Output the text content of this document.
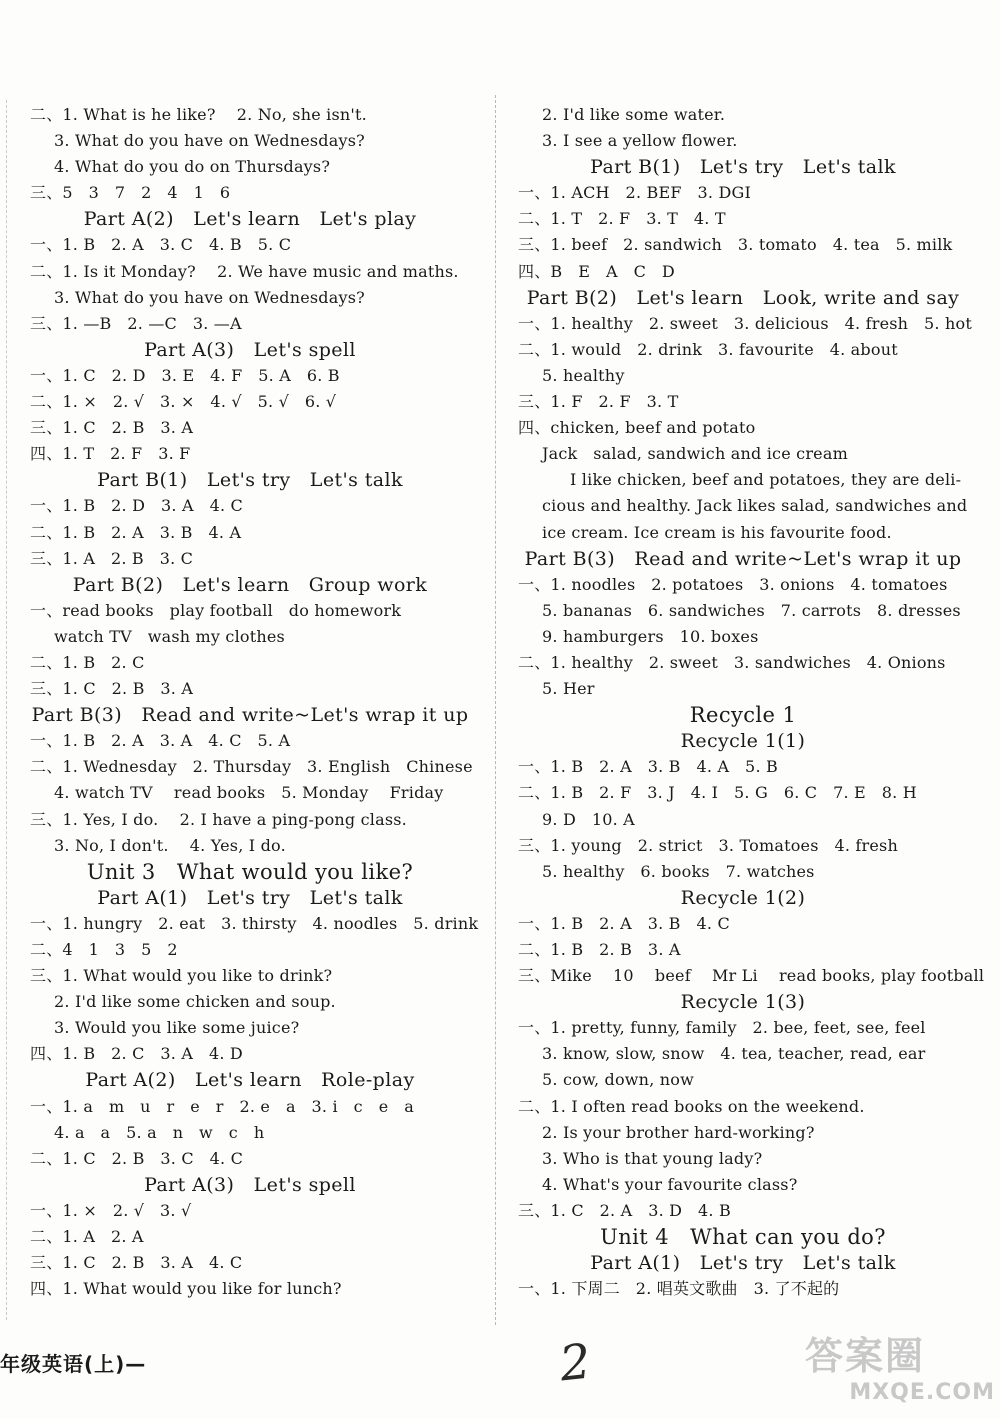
二、1. What is he like?    2. No, she isn't.
3. What do you have on Wednesdays?
4. What do you do on Thursdays?
三、5   3   7   2   4   1   6
Part A(2)   Let's learn   Let's play
一、1. B   2. A   3. C   4. B   5. C
二、1. Is it Monday?    2. We have music and maths.
3. What do you have on Wednesdays?
三、1. —B   2. —C   3. —A
Part A(3)   Let's spell
一、1. C   2. D   3. E   4. F   5. A   6. B
二、1. ×   2. √   3. ×   4. √   5. √   6. √
三、1. C   2. B   3. A
四、1. T   2. F   3. F
Part B(1)   Let's try   Let's talk
一、1. B   2. D   3. A   4. C
二、1. B   2. A   3. B   4. A
三、1. A   2. B   3. C
Part B(2)   Let's learn   Group work
一、read books   play football   do homework
watch TV   wash my clothes
二、1. B   2. C
三、1. C   2. B   3. A
Part B(3)   Read and write~Let's wrap it up
一、1. B   2. A   3. A   4. C   5. A
二、1. Wednesday   2. Thursday   3. English   Chinese
4. watch TV    read books   5. Monday    Friday
三、1. Yes, I do.    2. I have a ping-pong class.
3. No, I don't.    4. Yes, I do.
Unit 3   What would you like?
Part A(1)   Let's try   Let's talk
一、1. hungry   2. eat   3. thirsty   4. noodles   5. drink
二、4   1   3   5   2
三、1. What would you like to drink?
2. I'd like some chicken and soup.
3. Would you like some juice?
四、1. B   2. C   3. A   4. D
Part A(2)   Let's learn   Role-play
一、1. a   m   u   r   e   r   2. e   a   3. i   c   e   a
4. a   a   5. a   n   w   c   h
二、1. C   2. B   3. C   4. C
Part A(3)   Let's spell
一、1. ×   2. √   3. √
二、1. A   2. A
三、1. C   2. B   3. A   4. C
四、1. What would you like for lunch?
2. I'd like some water.
3. I see a yellow flower.
Part B(1)   Let's try   Let's talk
一、1. ACH   2. BEF   3. DGI
二、1. T   2. F   3. T   4. T
三、1. beef   2. sandwich   3. tomato   4. tea   5. milk
四、B   E   A   C   D
Part B(2)   Let's learn   Look, write and say
一、1. healthy   2. sweet   3. delicious   4. fresh   5. hot
二、1. would   2. drink   3. favourite   4. about
5. healthy
三、1. F   2. F   3. T
四、chicken, beef and potato
Jack   salad, sandwich and ice cream
I like chicken, beef and potatoes, they are deli-
cious and healthy. Jack likes salad, sandwiches and
ice cream. Ice cream is his favourite food.
Part B(3)   Read and write~Let's wrap it up
一、1. noodles   2. potatoes   3. onions   4. tomatoes
5. bananas   6. sandwiches   7. carrots   8. dresses
9. hamburgers   10. boxes
二、1. healthy   2. sweet   3. sandwiches   4. Onions
5. Her
Recycle 1
Recycle 1(1)
一、1. B   2. A   3. B   4. A   5. B
二、1. B   2. F   3. J   4. I   5. G   6. C   7. E   8. H
9. D   10. A
三、1. young   2. strict   3. Tomatoes   4. fresh
5. healthy   6. books   7. watches
Recycle 1(2)
一、1. B   2. A   3. B   4. C
二、1. B   2. B   3. A
三、Mike    10    beef    Mr Li    read books, play football
Recycle 1(3)
一、1. pretty, funny, family   2. bee, feet, see, feel
3. know, slow, snow   4. tea, teacher, read, ear
5. cow, down, now
二、1. I often read books on the weekend.
2. Is your brother hard-working?
3. Who is that young lady?
4. What's your favourite class?
三、1. C   2. A   3. D   4. B
Unit 4   What can you do?
Part A(1)   Let's try   Let's talk
一、1. 下周二   2. 唱英文歌曲   3. 了不起的
年级英语(上)—	2	答案圈
MXQE.COM
